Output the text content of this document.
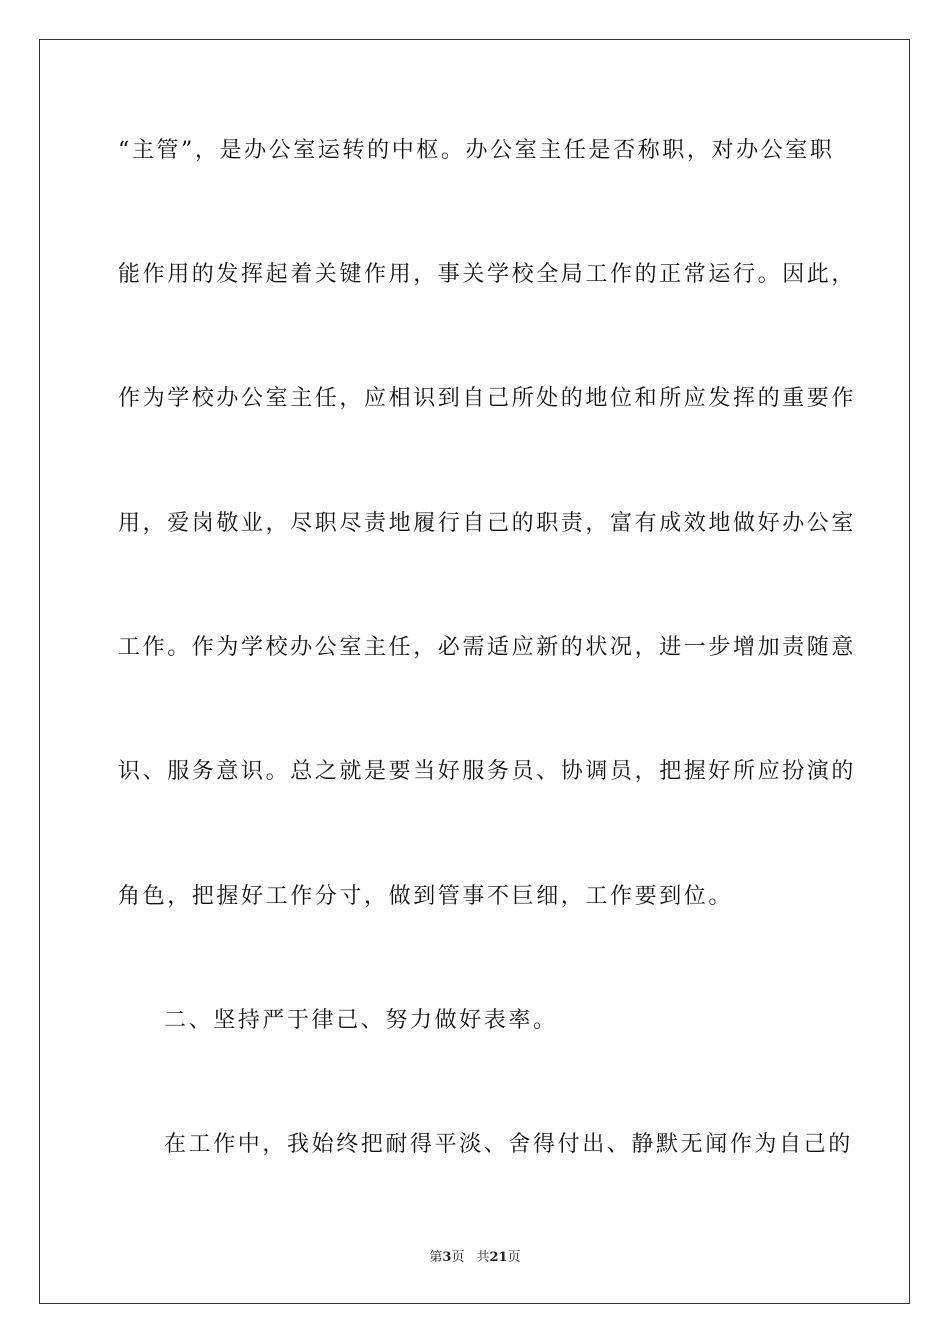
“主管”，是办公室运转的中枢。办公室主任是否称职，对办公室职
能作用的发挥起着关键作用，事关学校全局工作的正常运行。因此，
作为学校办公室主任，应相识到自己所处的地位和所应发挥的重要作
用，爱岗敬业，尽职尽责地履行自己的职责，富有成效地做好办公室
工作。作为学校办公室主任，必需适应新的状况，进一步增加责随意
识、服务意识。总之就是要当好服务员、协调员，把握好所应扮演的
角色，把握好工作分寸，做到管事不巨细，工作要到位。
二、坚持严于律己、努力做好表率。
在工作中，我始终把耐得平淡、舍得付出、静默无闻作为自己的
第3页 共21页
